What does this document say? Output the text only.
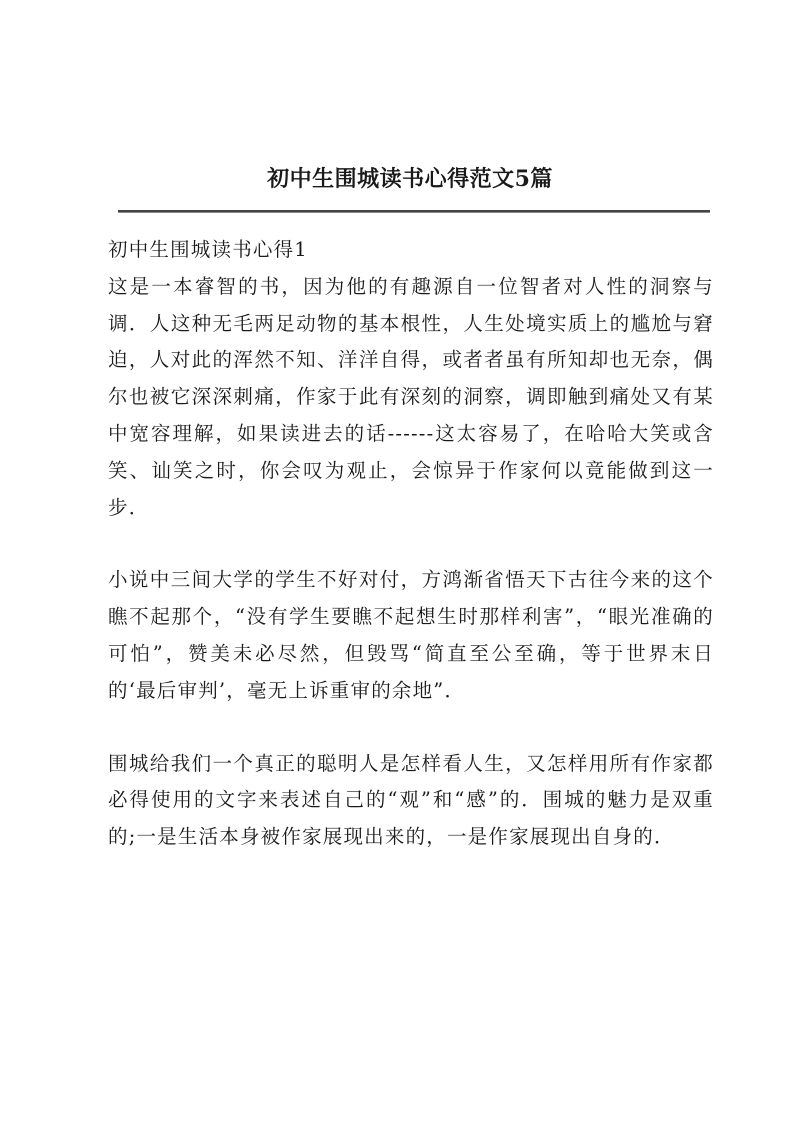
初中生围城读书心得范文5篇
初中生围城读书心得1

这是一本睿智的书，因为他的有趣源自一位智者对人性的洞察与调．人这种无毛两足动物的基本根性，人生处境实质上的尴尬与窘迫，人对此的浑然不知、洋洋自得，或者者虽有所知却也无奈，偶尔也被它深深刺痛，作家于此有深刻的洞察，调即触到痛处又有某中宽容理解，如果读进去的话------这太容易了，在哈哈大笑或含笑、讪笑之时，你会叹为观止，会惊异于作家何以竟能做到这一步．

小说中三间大学的学生不好对付，方鸿渐省悟天下古往今来的这个瞧不起那个，“没有学生要瞧不起想生时那样利害”，“眼光准确的可怕”，赞美未必尽然，但毁骂“简直至公至确，等于世界末日的‘最后审判’，毫无上诉重审的余地”．

围城给我们一个真正的聪明人是怎样看人生，又怎样用所有作家都必得使用的文字来表述自己的“观”和“感”的．围城的魅力是双重的;一是生活本身被作家展现出来的，一是作家展现出自身的．
